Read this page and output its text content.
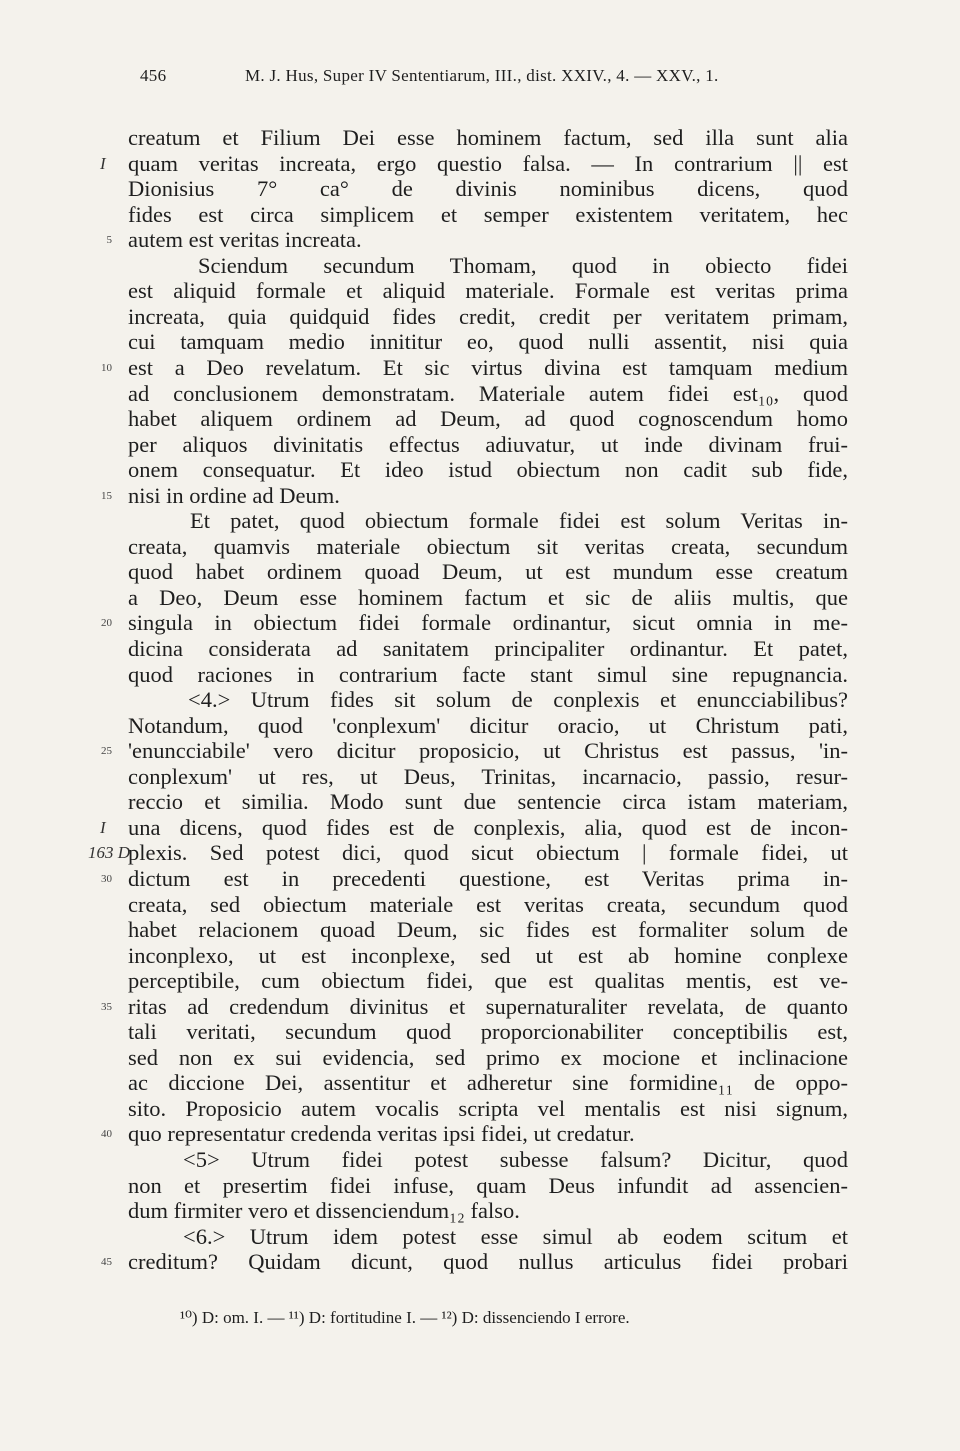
456	M. J. Hus, Super IV Sententiarum, III., dist. XXIV., 4. — XXV., 1.
creatum et Filium Dei esse hominem factum, sed illa sunt alia
I quam veritas increata, ergo questio falsa. — In contrarium || est
Dionisius 7° ca° de divinis nominibus dicens, quod
fides est circa simplicem et semper existentem veritatem, hec
5 autem est veritas increata.
Sciendum secundum Thomam, quod in obiecto fidei
est aliquid formale et aliquid materiale. Formale est veritas prima
increata, quia quidquid fides credit, credit per veritatem primam,
cui tamquam medio innititur eo, quod nulli assentit, nisi quia
10 est a Deo revelatum. Et sic virtus divina est tamquam medium
ad conclusionem demonstratam. Materiale autem fidei est₁₀, quod
habet aliquem ordinem ad Deum, ad quod cognoscendum homo
per aliquos divinitatis effectus adiuvatur, ut inde divinam frui-
onem consequatur. Et ideo istud obiectum non cadit sub fide,
15 nisi in ordine ad Deum.
Et patet, quod obiectum formale fidei est solum Veritas in-
creata, quamvis materiale obiectum sit veritas creata, secundum
quod habet ordinem quoad Deum, ut est mundum esse creatum
a Deo, Deum esse hominem factum et sic de aliis multis, que
20 singula in obiectum fidei formale ordinantur, sicut omnia in me-
dicina considerata ad sanitatem principaliter ordinantur. Et patet,
quod raciones in contrarium facte stant simul sine repugnancia.
<4.> Utrum fides sit solum de conplexis et enuncciabilibus?
Notandum, quod 'conplexum' dicitur oracio, ut Christum pati,
25 'enuncciabile' vero dicitur proposicio, ut Christus est passus, 'in-
conplexum' ut res, ut Deus, Trinitas, incarnacio, passio, resur-
reccio et similia. Modo sunt due sentencie circa istam materiam,
I una dicens, quod fides est de conplexis, alia, quod est de incon-
163 D
plexis. Sed potest dici, quod sicut obiectum | formale fidei, ut
30 dictum est in precedenti questione, est Veritas prima in-
creata, sed obiectum materiale est veritas creata, secundum quod
habet relacionem quoad Deum, sic fides est formaliter solum de
inconplexo, ut est inconplexe, sed ut est ab homine conplexe
perceptibile, cum obiectum fidei, que est qualitas mentis, est ve-
35 ritas ad credendum divinitus et supernaturaliter revelata, de quanto
tali veritati, secundum quod proporcionabiliter conceptibilis est,
sed non ex sui evidencia, sed primo ex mocione et inclinacione
ac diccione Dei, assentitur et adheretur sine formidine₁₁ de oppo-
sito. Proposicio autem vocalis scripta vel mentalis est nisi signum,
40 quo representatur credenda veritas ipsi fidei, ut credatur.
<5> Utrum fidei potest subesse falsum? Dicitur, quod
non et presertim fidei infuse, quam Deus infundit ad assencien-
dum firmiter vero et dissenciendum₁₂ falso.
<6.> Utrum idem potest esse simul ab eodem scitum et
45 creditum? Quidam dicunt, quod nullus articulus fidei probari
¹⁰) D: om. I. — ¹¹) D: fortitudine I. — ¹²) D: dissenciendo I errore.
